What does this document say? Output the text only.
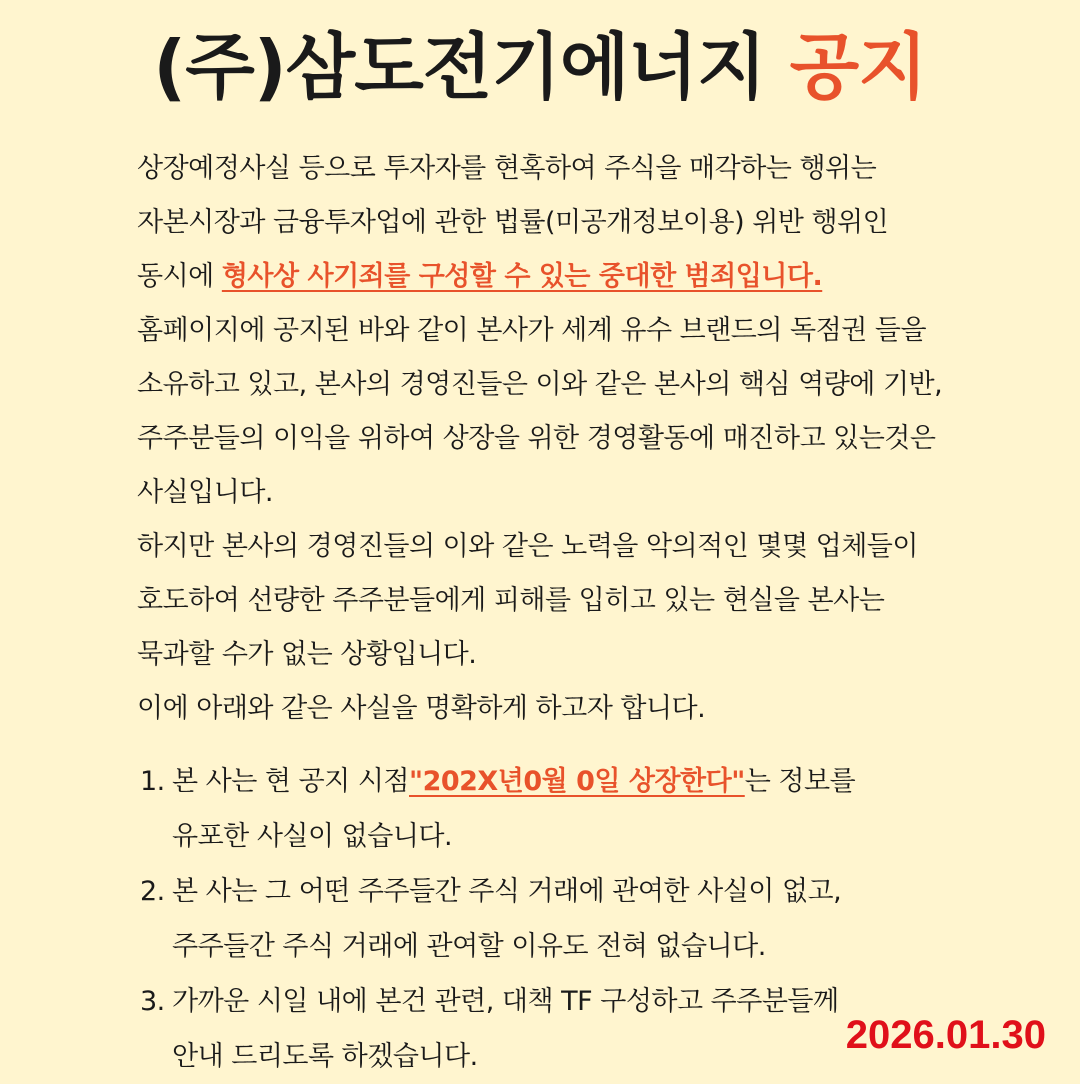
(주)삼도전기에너지 공지
상장예정사실 등으로 투자자를 현혹하여 주식을 매각하는 행위는
자본시장과 금융투자업에 관한 법률(미공개정보이용) 위반 행위인
동시에 형사상 사기죄를 구성할 수 있는 중대한 범죄입니다.
홈페이지에 공지된 바와 같이 본사가 세계 유수 브랜드의 독점권 들을
소유하고 있고, 본사의 경영진들은 이와 같은 본사의 핵심 역량에 기반,
주주분들의 이익을 위하여 상장을 위한 경영활동에 매진하고 있는것은
사실입니다.
하지만 본사의 경영진들의 이와 같은 노력을 악의적인 몇몇 업체들이
호도하여 선량한 주주분들에게 피해를 입히고 있는 현실을 본사는
묵과할 수가 없는 상황입니다.
이에 아래와 같은 사실을 명확하게 하고자 합니다.
1. 본 사는 현 공지 시점"202X년0월 0일 상장한다"는 정보를
유포한 사실이 없습니다.
2. 본 사는 그 어떤 주주들간 주식 거래에 관여한 사실이 없고,
주주들간 주식 거래에 관여할 이유도 전혀 없습니다.
3. 가까운 시일 내에 본건 관련, 대책 TF 구성하고 주주분들께
안내 드리도록 하겠습니다.	2026.01.30
